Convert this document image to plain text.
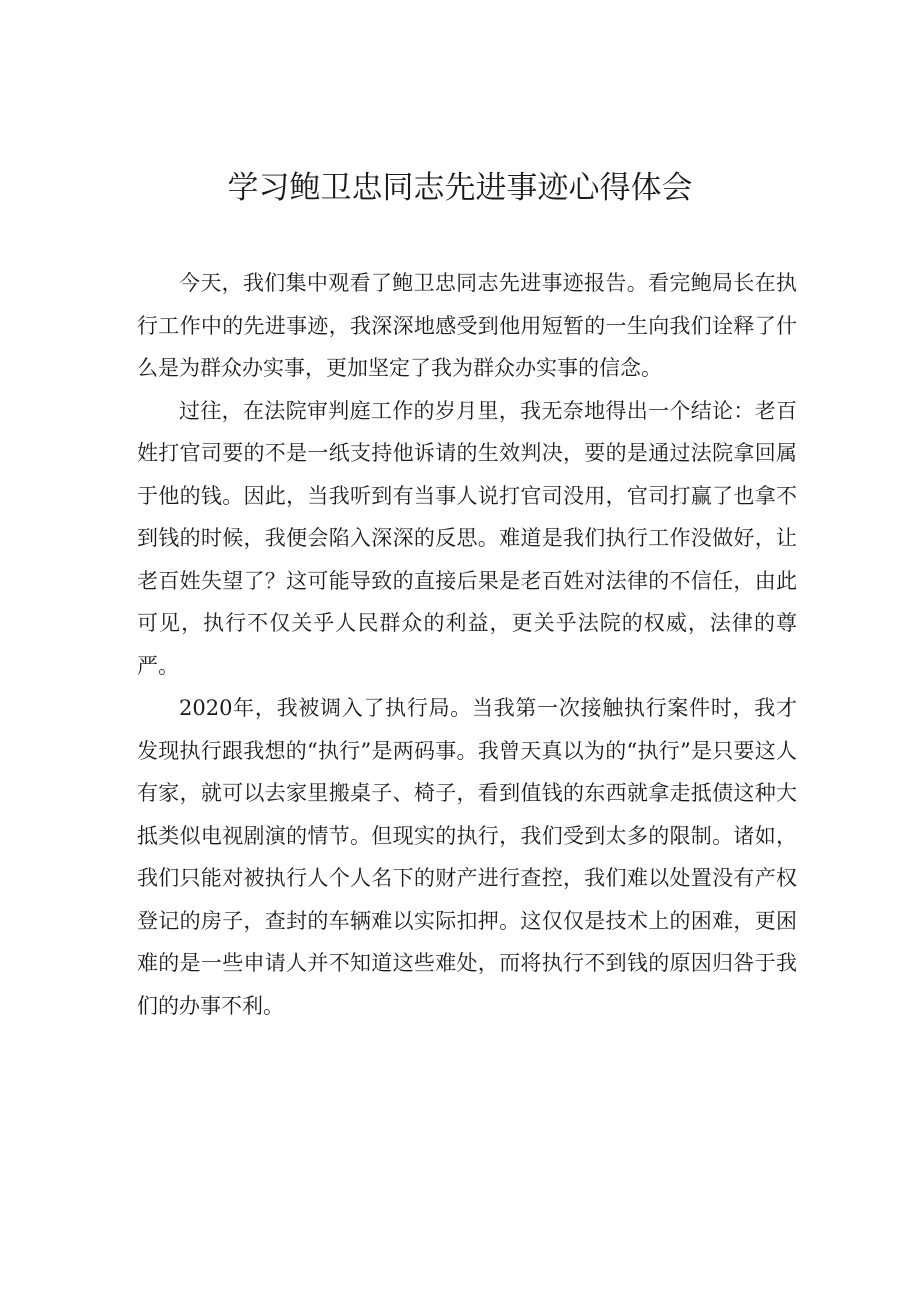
学习鲍卫忠同志先进事迹心得体会

今天，我们集中观看了鲍卫忠同志先进事迹报告。看完鲍局长在执行工作中的先进事迹，我深深地感受到他用短暂的一生向我们诠释了什么是为群众办实事，更加坚定了我为群众办实事的信念。

过往，在法院审判庭工作的岁月里，我无奈地得出一个结论：老百姓打官司要的不是一纸支持他诉请的生效判决，要的是通过法院拿回属于他的钱。因此，当我听到有当事人说打官司没用，官司打赢了也拿不到钱的时候，我便会陷入深深的反思。难道是我们执行工作没做好，让老百姓失望了？这可能导致的直接后果是老百姓对法律的不信任，由此可见，执行不仅关乎人民群众的利益，更关乎法院的权威，法律的尊严。

2020年，我被调入了执行局。当我第一次接触执行案件时，我才发现执行跟我想的“执行”是两码事。我曾天真以为的“执行”是只要这人有家，就可以去家里搬桌子、椅子，看到值钱的东西就拿走抵债这种大抵类似电视剧演的情节。但现实的执行，我们受到太多的限制。诸如，我们只能对被执行人个人名下的财产进行查控，我们难以处置没有产权登记的房子，查封的车辆难以实际扣押。这仅仅是技术上的困难，更困难的是一些申请人并不知道这些难处，而将执行不到钱的原因归咎于我们的办事不利。
